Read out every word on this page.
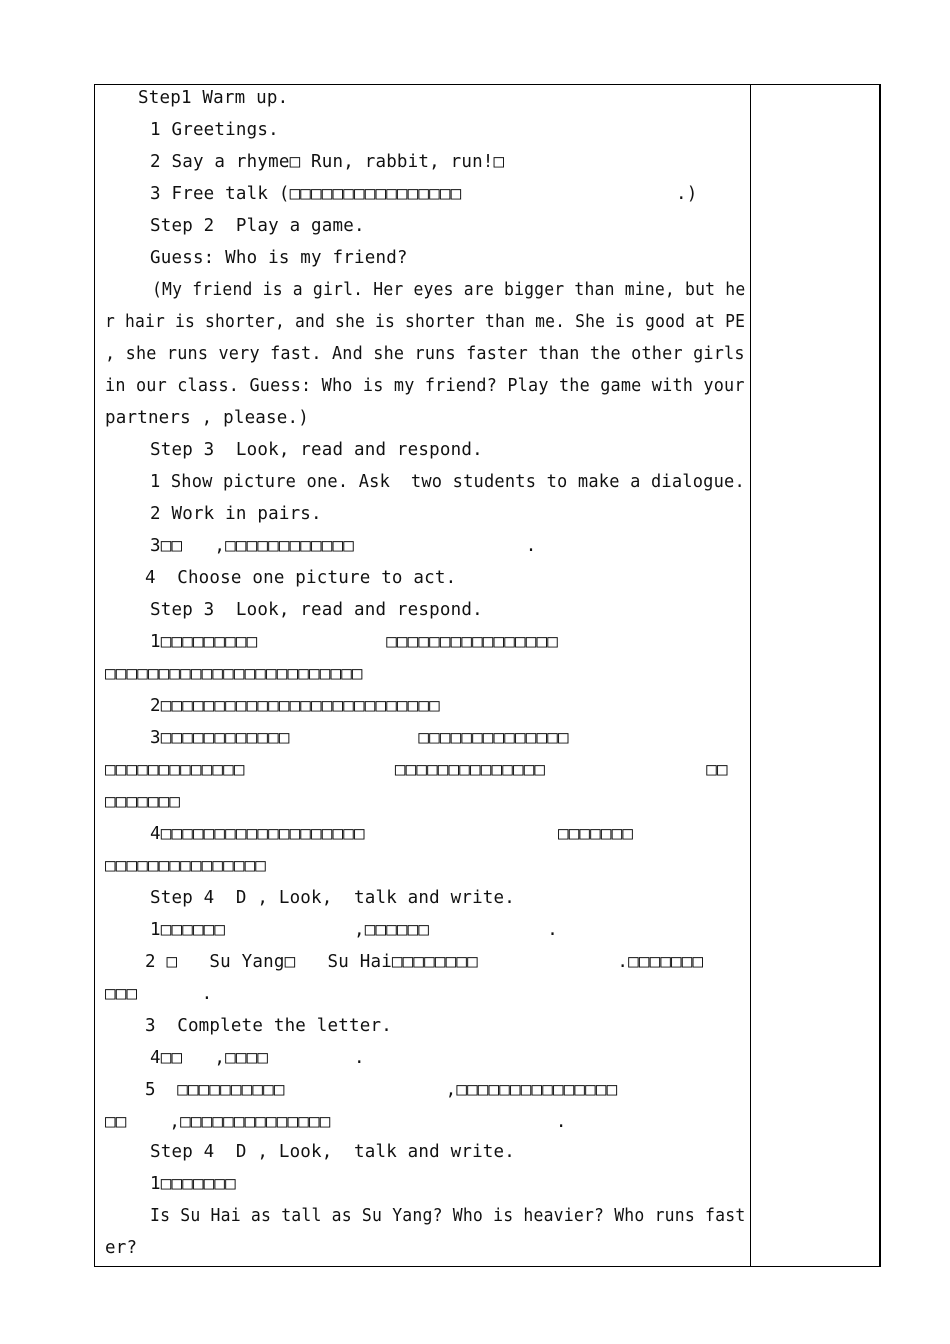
Step1 Warm up.
1 Greetings.
2 Say a rhyme□ Run, rabbit, run!□
3 Free talk (□□□□□□□□□□□□□□□□                    .)
Step 2  Play a game.
Guess: Who is my friend?
(My friend is a girl. Her eyes are bigger than mine, but he
r hair is shorter, and she is shorter than me. She is good at PE
, she runs very fast. And she runs faster than the other girls
in our class. Guess: Who is my friend? Play the game with your
partners , please.)
Step 3  Look, read and respond.
1 Show picture one. Ask  two students to make a dialogue.
2 Work in pairs.
3□□   ,□□□□□□□□□□□□                .
4  Choose one picture to act.
Step 3  Look, read and respond.
1□□□□□□□□□            □□□□□□□□□□□□□□□□
□□□□□□□□□□□□□□□□□□□□□□□□
2□□□□□□□□□□□□□□□□□□□□□□□□□□
3□□□□□□□□□□□□            □□□□□□□□□□□□□□
□□□□□□□□□□□□□              □□□□□□□□□□□□□□               □□
□□□□□□□
4□□□□□□□□□□□□□□□□□□□                  □□□□□□□
□□□□□□□□□□□□□□□
Step 4  D , Look,  talk and write.
1□□□□□□            ,□□□□□□           .
2 □   Su Yang□   Su Hai□□□□□□□□             .□□□□□□□
□□□      .
3  Complete the letter.
4□□   ,□□□□        .
5  □□□□□□□□□□               ,□□□□□□□□□□□□□□□
□□    ,□□□□□□□□□□□□□□                     .
Step 4  D , Look,  talk and write.
1□□□□□□□
Is Su Hai as tall as Su Yang? Who is heavier? Who runs fast
er?
